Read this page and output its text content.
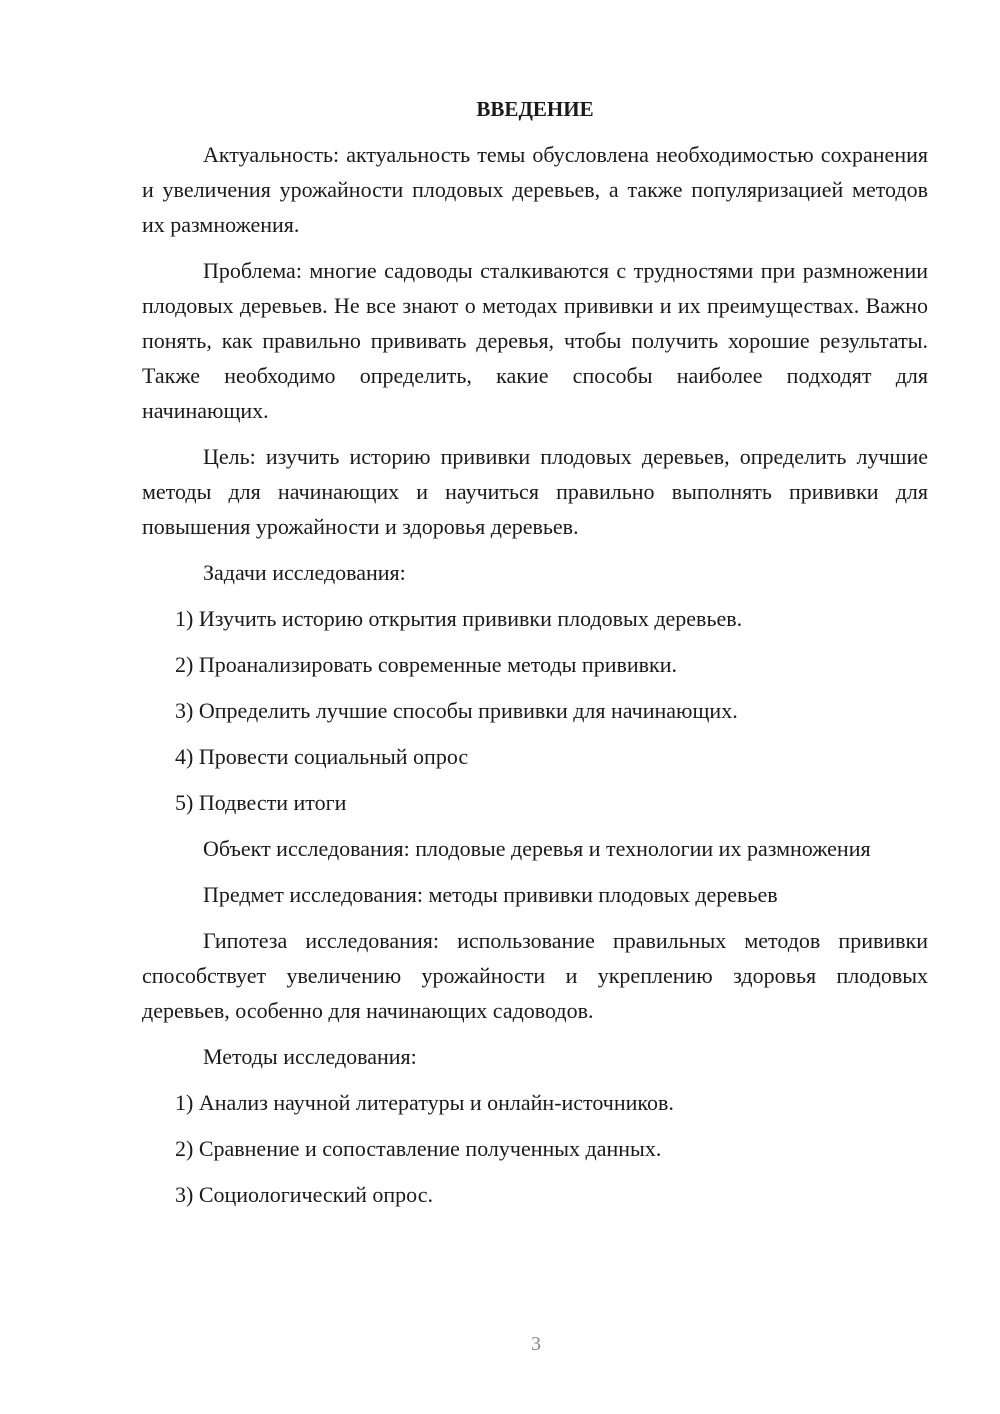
ВВЕДЕНИЕ

Актуальность: актуальность темы обусловлена необходимостью сохранения и увеличения урожайности плодовых деревьев, а также популяризацией методов их размножения.

Проблема: многие садоводы сталкиваются с трудностями при размножении плодовых деревьев. Не все знают о методах прививки и их преимуществах. Важно понять, как правильно прививать деревья, чтобы получить хорошие результаты. Также необходимо определить, какие способы наиболее подходят для начинающих.

Цель: изучить историю прививки плодовых деревьев, определить лучшие методы для начинающих и научиться правильно выполнять прививки для повышения урожайности и здоровья деревьев.

Задачи исследования:

1) Изучить историю открытия прививки плодовых деревьев.

2) Проанализировать современные методы прививки.

3) Определить лучшие способы прививки для начинающих.

4) Провести социальный опрос

5) Подвести итоги

Объект исследования: плодовые деревья и технологии их размножения

Предмет исследования: методы прививки плодовых деревьев

Гипотеза исследования: использование правильных методов прививки способствует увеличению урожайности и укреплению здоровья плодовых деревьев, особенно для начинающих садоводов.

Методы исследования:

1) Анализ научной литературы и онлайн-источников.

2) Сравнение и сопоставление полученных данных.

3) Социологический опрос.

3
